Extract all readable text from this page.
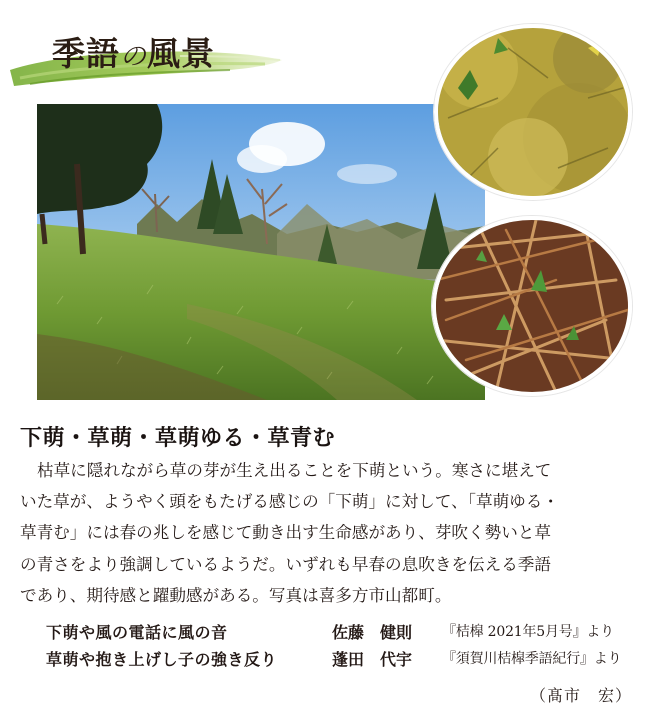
季語の風景
下萌・草萌・草萌ゆる・草青む
枯草に隠れながら草の芽が生え出ることを下萌という。寒さに堪えて
いた草が、ようやく頭をもたげる感じの「下萌」に対して、「草萌ゆる・
草青む」には春の兆しを感じて動き出す生命感があり、芽吹く勢いと草
の青さをより強調しているようだ。いずれも早春の息吹きを伝える季語
であり、期待感と躍動感がある。写真は喜多方市山都町。
下萌や風の電話に風の音	佐藤　健則 『桔槹 2021年5月号』より
草萌や抱き上げし子の強き反り	蓬田　代宇 『須賀川桔槹季語紀行』より
（髙市　宏）
